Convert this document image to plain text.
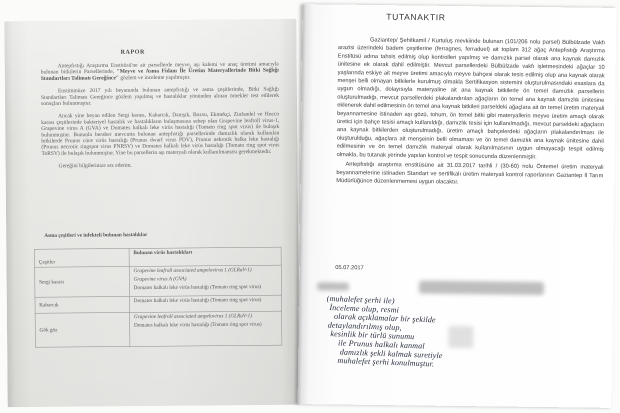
RAPOR

Antepfıstığı Araştırma Enstitüsü'ne ait parsellerde meyve, aşı kalemi ve anaç üretimi amacıyla bulunan bitkilerin Parsellerinde, "Meyve ve Asma Fidanı İle Üretim Materyallerinde Bitki Sağlığı Standartları Talimatı Gereğince" gözlem ve inceleme yapılmıştır.

Enstitümüze 2017 yılı beyanında bulunan antepfıstığı ve asma çeşitlerinde, Bitki Sağlığı Standartları Talimatı Gereğince gözlem yapılmış ve hastalıklar yönünden alınan örnekler test edilerek sonuçları bulunmuştur.

Ancak yine beyan edilen Sergi karası, Kabarcık, Danışık, Bozsu, Ekmekçi, Zinfandel ve Hocco karası çeşitlerinde bakteriyel hastalık ve hastalıkların bulaşmasına sebep olan Grapevine leafroll virus-1, Grapevine virus A (GVA) ve Domates halkalı leke virüs hastalığı (Tomato ring spot virus) ile bulaşık bulunmuştur. Bununla beraber mevcutta bulunan antepfıstığı parsellerinde damızlık olarak kullanılan bitkilerde Prunus cüce virüs hastalığı (Prunus dwarf virus PDV), Prunus nekrotik halka leke hastalığı (Prunus necrotic ringspot virus PNRSV) ve Domates halkalı leke virüs hastalığı (Tomato ring spot virus ToRSV) ile bulaşık bulunmuştur. Yine bu parsellerin aşı materyali olarak kullanılmaması gerekmektedir.

Gereğini bilgilerinize arz ederim.

Asma çeşitleri ve infekteli bulunan hastalıklar
Çeşitler	Bulunan virüs hastalıkları
Sergi karası	Grapevine leafroll associated ampelovirus 1 (GLRaV-1)
Grapevine virus A (GVA)
Domates halkalı leke virüs hastalığı (Tomato ring spot virus)

Kabarcık	Domates halkalı leke virüs hastalığı (Tomato ring spot virus)

Gök göz	Grapevine leafroll associated ampelovirus 1 (GLRaV-1)
Domates halkalı leke virüs hastalığı (Tomato ring spot virus)
TUTANAKTIR

Gaziantep/ Şehitkamil / Kurtuluş mevkiinde bulunan (101/206 nolu parsel) Bülbülzade Vakfı arazisi üzerindeki badem çeşitlerine (ferragnes, ferraduel) ait toplam 312 ağaç Antepfıstığı Araştırma Enstitüsü adına tahsis edilmiş olup kontrolleri yapılmış ve damızlık parsel olarak ana kaynak damızlık ünitesine ek olarak dahil edilmiştir. Mevcut parsellerdeki Bülbülzade vakfı işletmesindeki ağaçlar 10 yaşlarında eskiye ait meyve üretimi amacıyla meyve bahçesi olarak tesis edilmiş olup ana kaynak olarak menşei belli olmayan bitkilerle kurulmuş olmakla Sertifikasyon sistemini oluşturulmasındaki esaslara da uygun olmadığı, dolayısıyla materyaline ait ana kaynak bitkilerle ön temel damızlık parsellerin oluşturulmadığı, mevcut parsellerdeki plakalandırılan ağaçların ön temel ana kaynak damızlık ünitesine eklenerek dahil edilmesinin ön temel ana kaynak bitkileri parseldeki ağaçlara ait ön temel üretim materyali beyannamesine istinaden aşı gözü, tohum, ön temel bitki gibi materyallerin meyve üretim amaçlı olarak üretici için bahçe tesisi amaçlı kullanıldığı, damızlık tesisi için kullanılmadığı, mevcut parseldeki ağaçların ana kaynak bitkilerden oluşturulmadığı, üretim amaçlı bahçelerdeki ağaçların plakalandırılması ile oluşturulduğu, ağaçlara ait menşeinin belli olmaması ve ön temel damızlık ana kaynak ünitesine dahil edilmesinin ve ön temel damızlık materyal olarak kullanılmasının uygun olmayacağı tespit edilmiş olmakla, bu tutanak yerinde yapılan kontrol ve tespit sonucunda düzenlenmiştir.

Antepfıstığı araştırma enstitüsüne ait 31.03.2017 tarihli / (30-60) nolu Öntemel üretim materyali beyannamelerine istinaden Standart ve sertifikalı üretim materyali kontrol raporlarının Gaziantep İl Tarım Müdürlüğünce düzenlenmemesi uygun olacaktır.

05.07.2017
(muhalefet şerhi ile)
İnceleme olup, resmi
olarak açıklamalar bir şekilde
detaylandırılmış olup,
kesinlik bir türlü sunumu
ile Prunus halkalı kanmal
damızlık şekli kalmak suretiyle
muhalefet şerhi konulmuştur.
